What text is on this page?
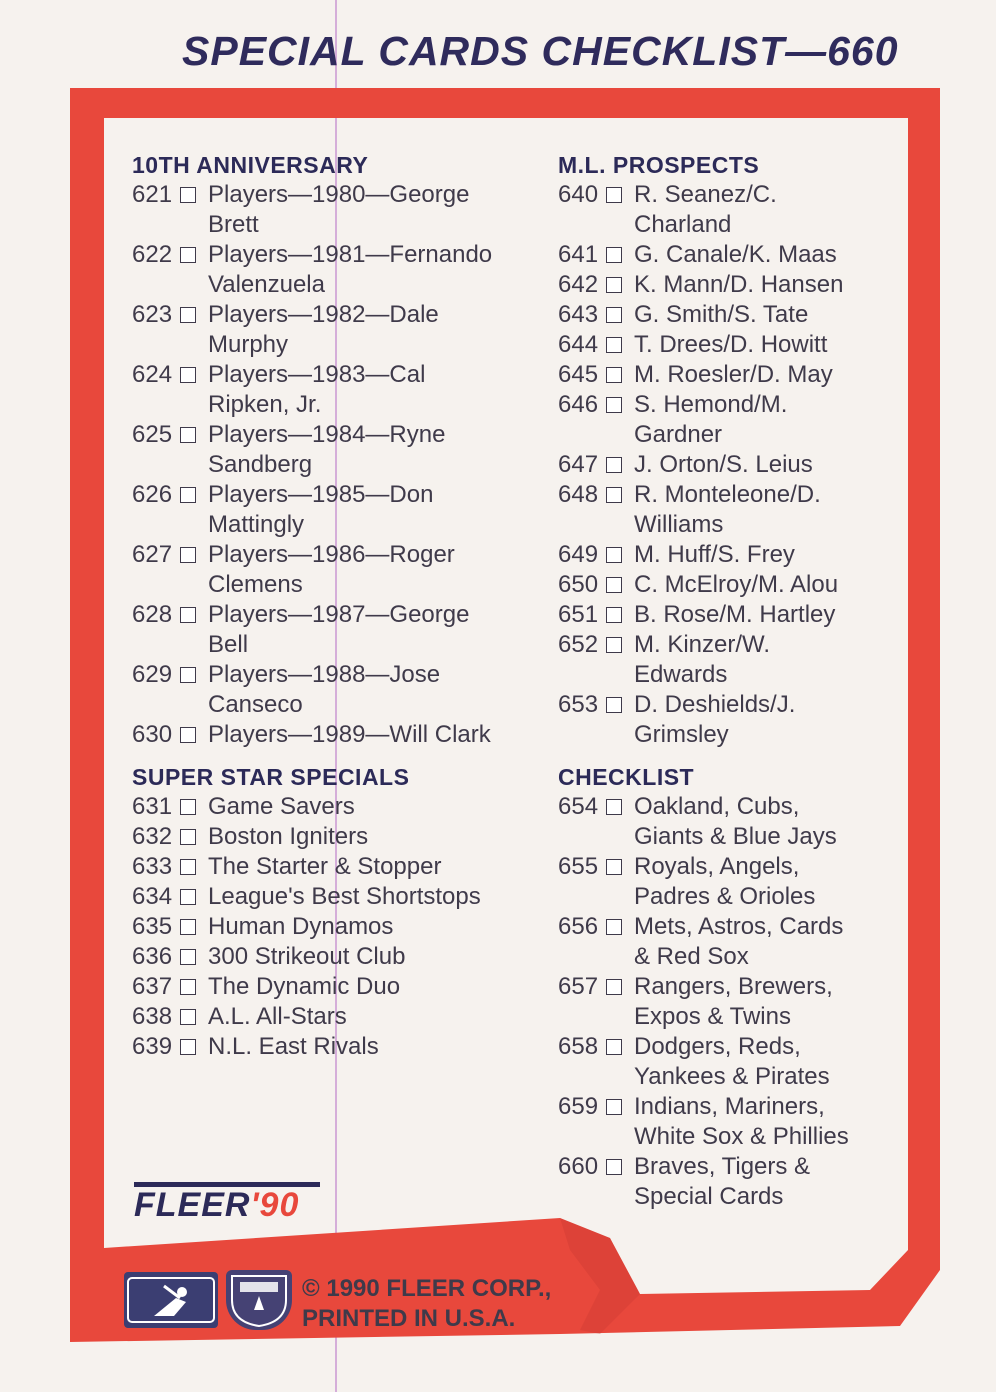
SPECIAL CARDS CHECKLIST—660
10TH ANNIVERSARY
621 Players—1980—George
Brett
622 Players—1981—Fernando
Valenzuela
623 Players—1982—Dale
Murphy
624 Players—1983—Cal
Ripken, Jr.
625 Players—1984—Ryne
Sandberg
626 Players—1985—Don
Mattingly
627 Players—1986—Roger
Clemens
628 Players—1987—George
Bell
629 Players—1988—Jose
Canseco
630 Players—1989—Will Clark
SUPER STAR SPECIALS
631 Game Savers
632 Boston Igniters
633 The Starter & Stopper
634 League's Best Shortstops
635 Human Dynamos
636 300 Strikeout Club
637 The Dynamic Duo
638 A.L. All-Stars
639 N.L. East Rivals
M.L. PROSPECTS
640 R. Seanez/C.
Charland
641 G. Canale/K. Maas
642 K. Mann/D. Hansen
643 G. Smith/S. Tate
644 T. Drees/D. Howitt
645 M. Roesler/D. May
646 S. Hemond/M.
Gardner
647 J. Orton/S. Leius
648 R. Monteleone/D.
Williams
649 M. Huff/S. Frey
650 C. McElroy/M. Alou
651 B. Rose/M. Hartley
652 M. Kinzer/W.
Edwards
653 D. Deshields/J.
Grimsley
CHECKLIST
654 Oakland, Cubs,
Giants & Blue Jays
655 Royals, Angels,
Padres & Orioles
656 Mets, Astros, Cards
& Red Sox
657 Rangers, Brewers,
Expos & Twins
658 Dodgers, Reds,
Yankees & Pirates
659 Indians, Mariners,
White Sox & Phillies
660 Braves, Tigers &
Special Cards
FLEER'90
© 1990 FLEER CORP.,
PRINTED IN U.S.A.
